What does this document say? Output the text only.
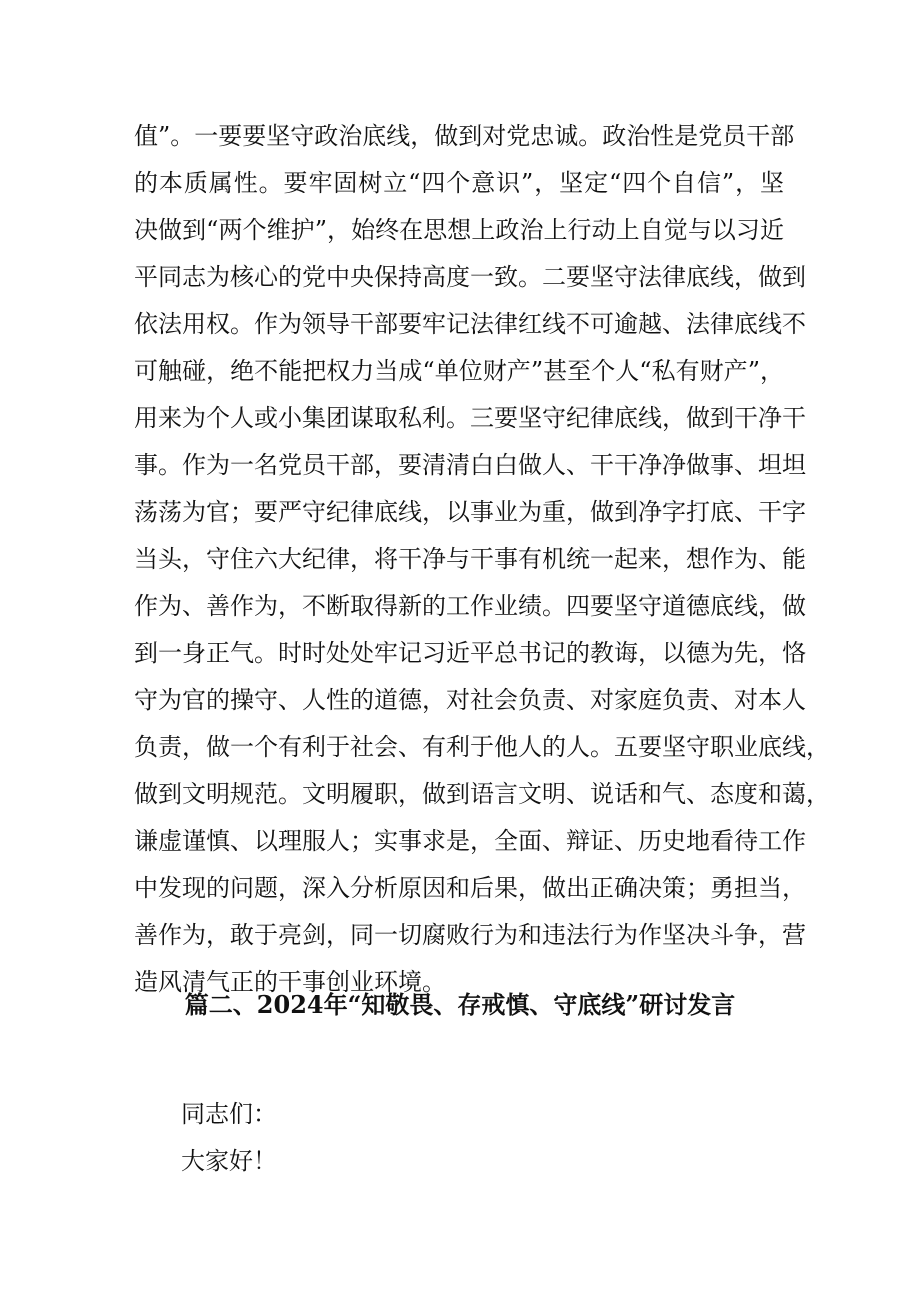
值”。一要要坚守政治底线，做到对党忠诚。政治性是党员干部
的本质属性。要牢固树立“四个意识”，坚定“四个自信”，坚
决做到“两个维护”，始终在思想上政治上行动上自觉与以习近
平同志为核心的党中央保持高度一致。二要坚守法律底线，做到
依法用权。作为领导干部要牢记法律红线不可逾越、法律底线不
可触碰，绝不能把权力当成“单位财产”甚至个人“私有财产”，
用来为个人或小集团谋取私利。三要坚守纪律底线，做到干净干
事。作为一名党员干部，要清清白白做人、干干净净做事、坦坦
荡荡为官；要严守纪律底线，以事业为重，做到净字打底、干字
当头，守住六大纪律，将干净与干事有机统一起来，想作为、能
作为、善作为，不断取得新的工作业绩。四要坚守道德底线，做
到一身正气。时时处处牢记习近平总书记的教诲，以德为先，恪
守为官的操守、人性的道德，对社会负责、对家庭负责、对本人
负责，做一个有利于社会、有利于他人的人。五要坚守职业底线，
做到文明规范。文明履职，做到语言文明、说话和气、态度和蔼，
谦虚谨慎、以理服人；实事求是，全面、辩证、历史地看待工作
中发现的问题，深入分析原因和后果，做出正确决策；勇担当，
善作为，敢于亮剑，同一切腐败行为和违法行为作坚决斗争，营
造风清气正的干事创业环境。
篇二、2024年“知敬畏、存戒慎、守底线”研讨发言
同志们：
大家好！
